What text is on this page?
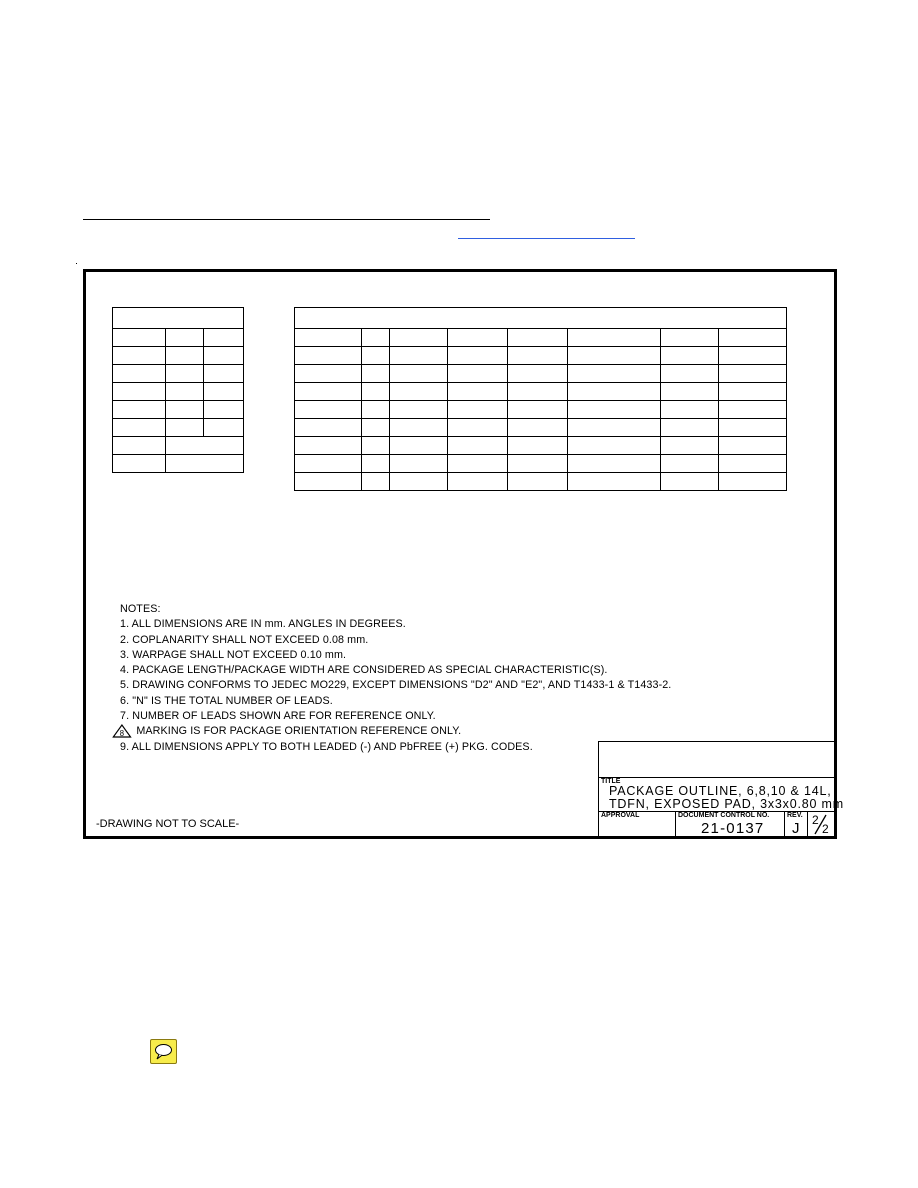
NOTES:
1. ALL DIMENSIONS ARE IN mm. ANGLES IN DEGREES.
2. COPLANARITY SHALL NOT EXCEED 0.08 mm.
3. WARPAGE SHALL NOT EXCEED 0.10 mm.
4. PACKAGE LENGTH/PACKAGE WIDTH ARE CONSIDERED AS SPECIAL CHARACTERISTIC(S).
5. DRAWING CONFORMS TO JEDEC MO229, EXCEPT DIMENSIONS "D2" AND "E2", AND T1433-1 & T1433-2.
6. "N" IS THE TOTAL NUMBER OF LEADS.
7. NUMBER OF LEADS SHOWN ARE FOR REFERENCE ONLY.
8 MARKING IS FOR PACKAGE ORIENTATION REFERENCE ONLY.
9. ALL DIMENSIONS APPLY TO BOTH LEADED (-) AND PbFREE (+) PKG. CODES.
-DRAWING NOT TO SCALE-
TITLE
PACKAGE OUTLINE, 6,8,10 & 14L,
TDFN, EXPOSED PAD, 3x3x0.80 mm
APPROVAL	DOCUMENT CONTROL NO.
21-0137
REV.
J 2
2
